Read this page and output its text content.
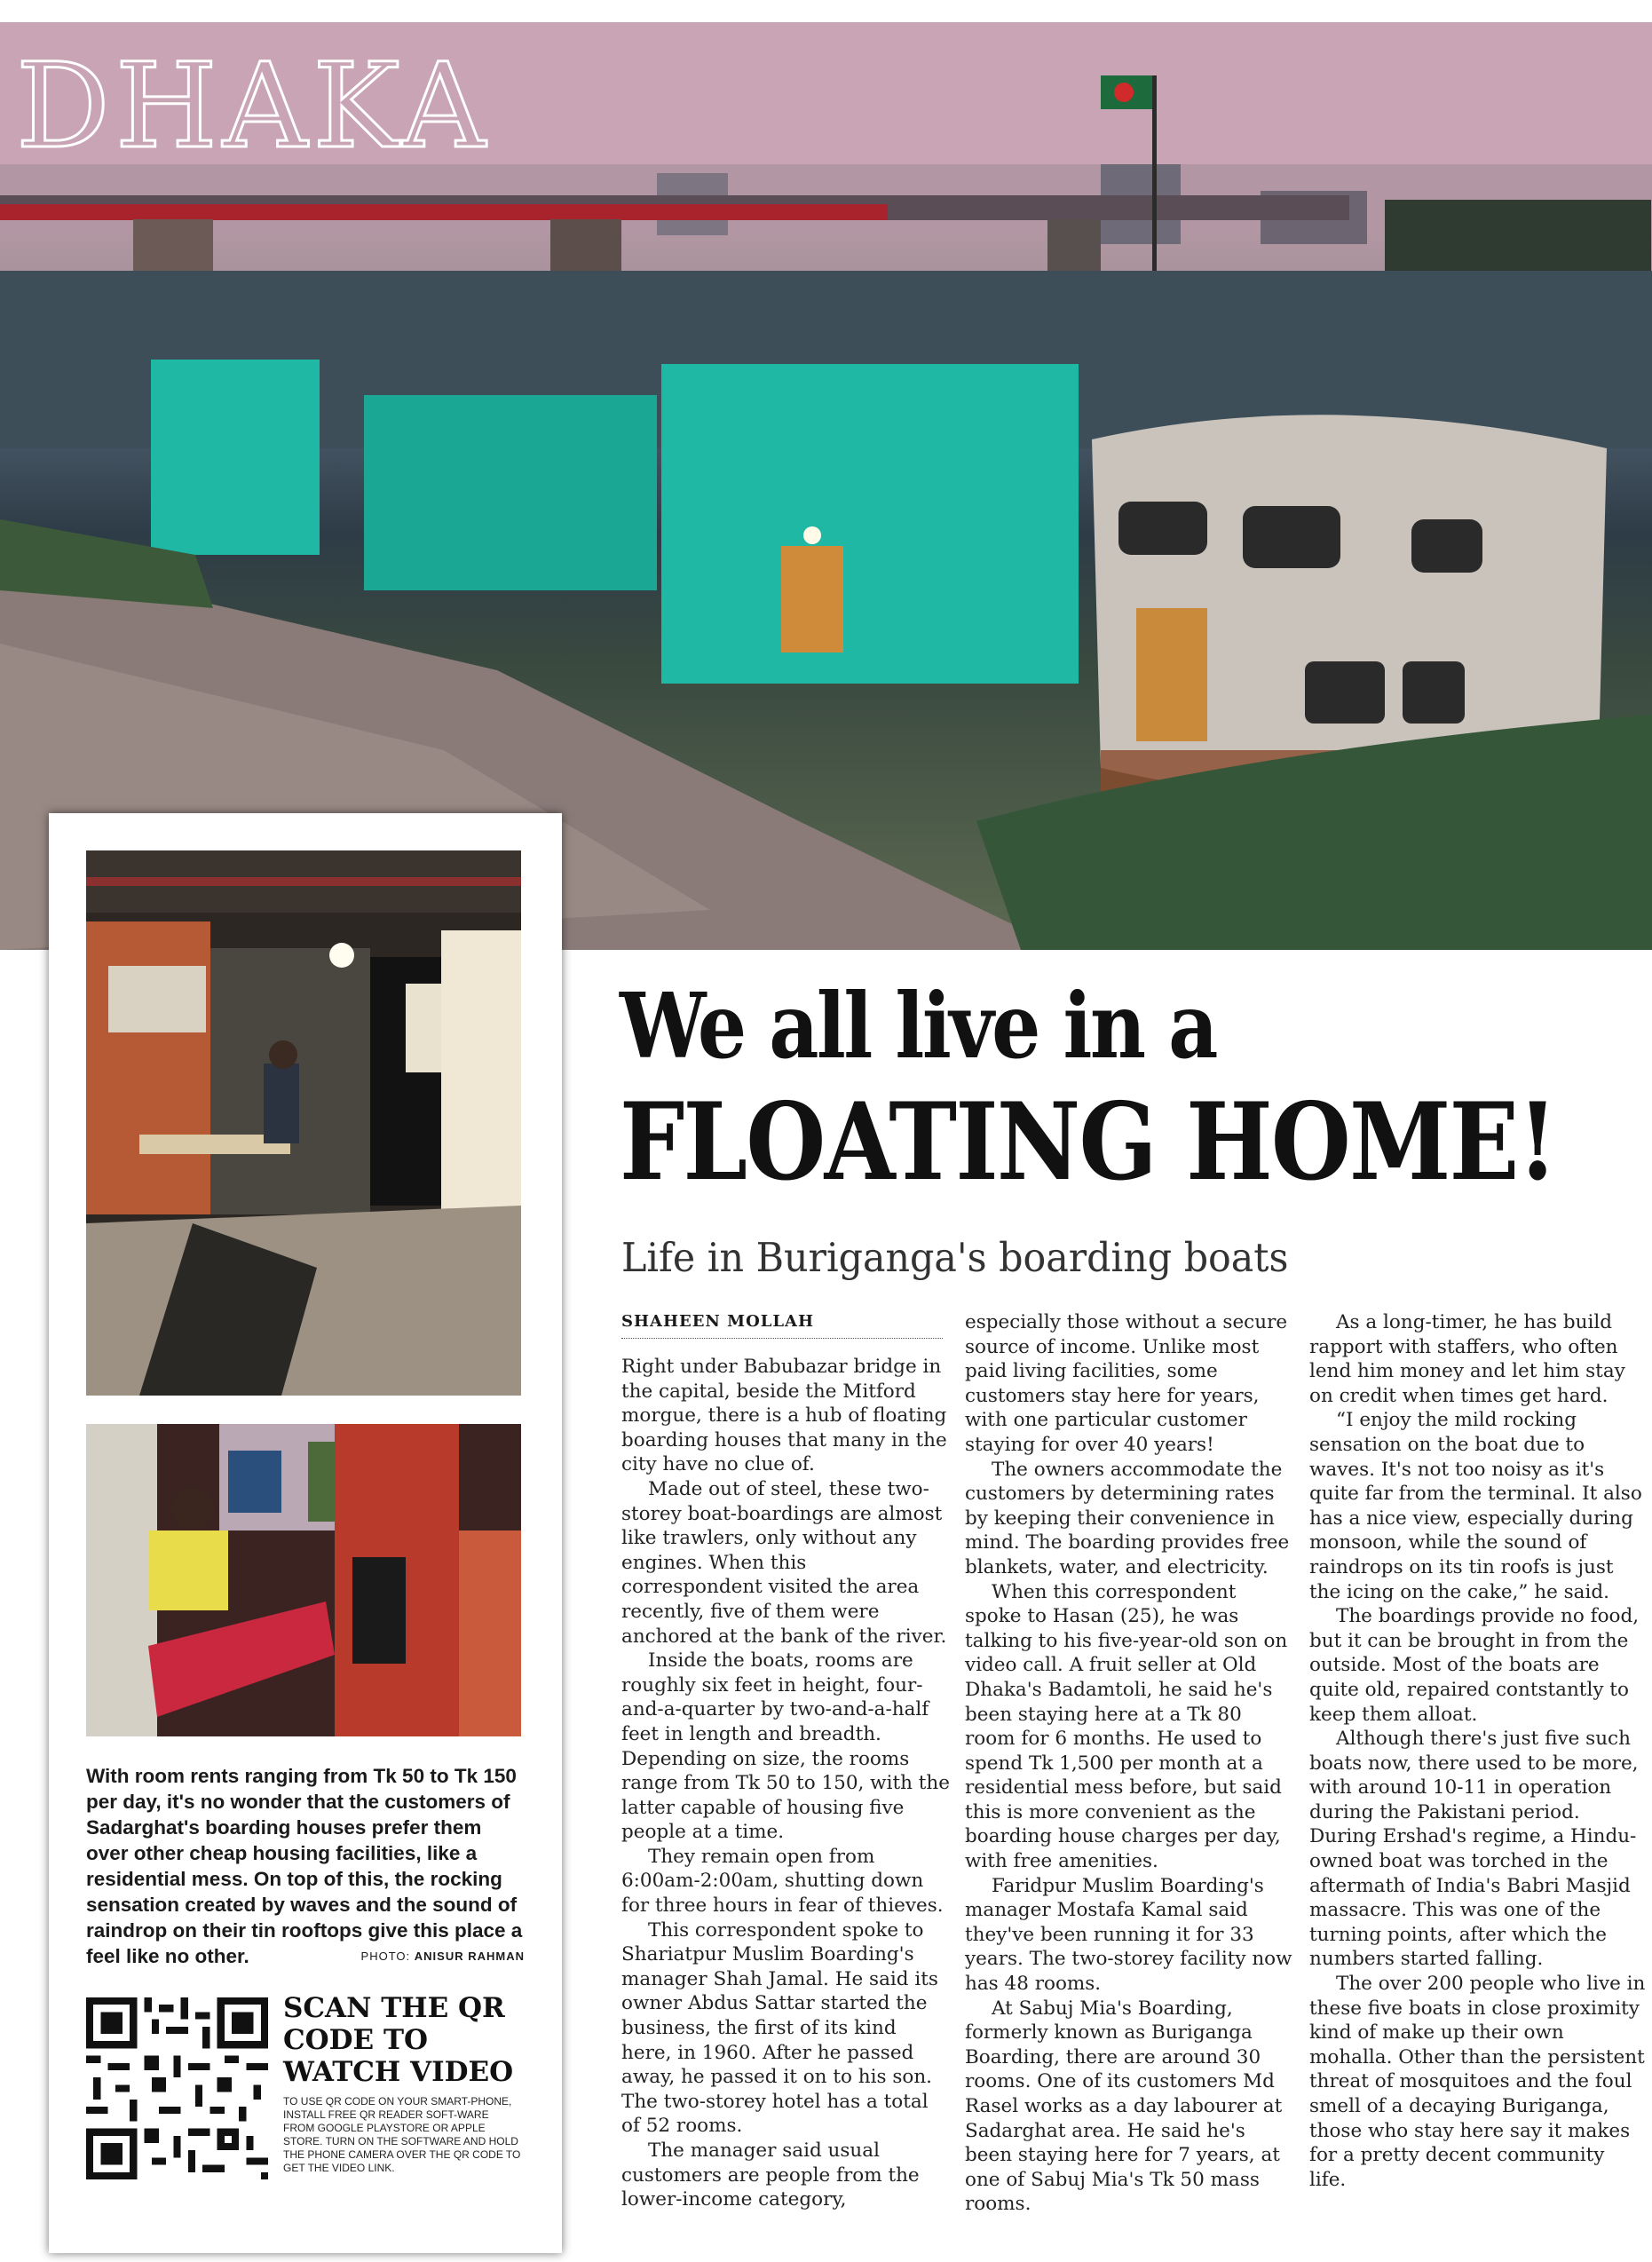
DHAKA
With room rents ranging from Tk 50 to Tk 150 per day, it's no wonder that the customers of Sadarghat's boarding houses prefer them over other cheap housing facilities, like a residential mess. On top of this, the rocking sensation created by waves and the sound of raindrop on their tin rooftops give this place a feel like no other.	PHOTO: ANISUR RAHMAN
SCAN THE QR CODE TO WATCH VIDEO
TO USE QR CODE ON YOUR SMART-PHONE, INSTALL FREE QR READER SOFT-WARE FROM GOOGLE PLAYSTORE OR APPLE STORE. TURN ON THE SOFTWARE AND HOLD THE PHONE CAMERA OVER THE QR CODE TO GET THE VIDEO LINK.
We all live in a
FLOATING HOME!
Life in Buriganga's boarding boats
SHAHEEN MOLLAH

Right under Babubazar bridge in the capital, beside the Mitford morgue, there is a hub of floating boarding houses that many in the city have no clue of.

Made out of steel, these two-storey boat-boardings are almost like trawlers, only without any engines. When this correspondent visited the area recently, five of them were anchored at the bank of the river.

Inside the boats, rooms are roughly six feet in height, four-and-a-quarter by two-and-a-half feet in length and breadth. Depending on size, the rooms range from Tk 50 to 150, with the latter capable of housing five people at a time.

They remain open from 6:00am-2:00am, shutting down for three hours in fear of thieves.

This correspondent spoke to Shariatpur Muslim Boarding's manager Shah Jamal. He said its owner Abdus Sattar started the business, the first of its kind here, in 1960. After he passed away, he passed it on to his son. The two-storey hotel has a total of 52 rooms.

The manager said usual customers are people from the lower-income category,

especially those without a secure source of income. Unlike most paid living facilities, some customers stay here for years, with one particular customer staying for over 40 years!

The owners accommodate the customers by determining rates by keeping their convenience in mind. The boarding provides free blankets, water, and electricity.

When this correspondent spoke to Hasan (25), he was talking to his five-year-old son on video call. A fruit seller at Old Dhaka's Badamtoli, he said he's been staying here at a Tk 80 room for 6 months. He used to spend Tk 1,500 per month at a residential mess before, but said this is more convenient as the boarding house charges per day, with free amenities.

Faridpur Muslim Boarding's manager Mostafa Kamal said they've been running it for 33 years. The two-storey facility now has 48 rooms.

At Sabuj Mia's Boarding, formerly known as Buriganga Boarding, there are around 30 rooms. One of its customers Md Rasel works as a day labourer at Sadarghat area. He said he's been staying here for 7 years, at one of Sabuj Mia's Tk 50 mass rooms.

As a long-timer, he has build rapport with staffers, who often lend him money and let him stay on credit when times get hard.

“I enjoy the mild rocking sensation on the boat due to waves. It's not too noisy as it's quite far from the terminal. It also has a nice view, especially during monsoon, while the sound of raindrops on its tin roofs is just the icing on the cake,” he said.

The boardings provide no food, but it can be brought in from the outside. Most of the boats are quite old, repaired contstantly to keep them alloat.

Although there's just five such boats now, there used to be more, with around 10-11 in operation during the Pakistani period. During Ershad's regime, a Hindu-owned boat was torched in the aftermath of India's Babri Masjid massacre. This was one of the turning points, after which the numbers started falling.

The over 200 people who live in these five boats in close proximity kind of make up their own mohalla. Other than the persistent threat of mosquitoes and the foul smell of a decaying Buriganga, those who stay here say it makes for a pretty decent community life.
